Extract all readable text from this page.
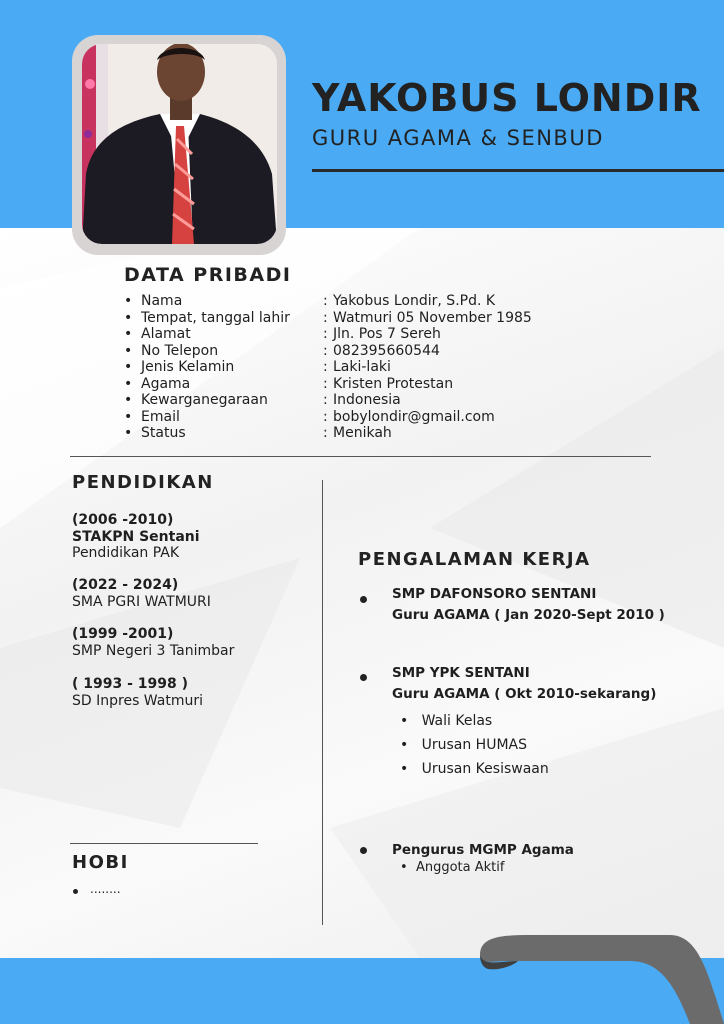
YAKOBUS LONDIR
GURU AGAMA & SENBUD
DATA PRIBADI
• Nama	: Yakobus Londir, S.Pd. K
• Tempat, tanggal lahir	: Watmuri 05 November 1985
• Alamat	: Jln. Pos 7 Sereh
• No Telepon	: 082395660544
• Jenis Kelamin	: Laki-laki
• Agama	: Kristen Protestan
• Kewarganegaraan	: Indonesia
• Email	: bobylondir@gmail.com
• Status	: Menikah
PENDIDIKAN
(2006 -2010)
STAKPN Sentani
Pendidikan PAK
(2022 - 2024)
SMA PGRI WATMURI
(1999 -2001)
SMP Negeri 3 Tanimbar
( 1993 - 1998 )
SD Inpres Watmuri
HOBI
........
PENGALAMAN KERJA
SMP DAFONSORO SENTANI
Guru AGAMA ( Jan 2020-Sept 2010 )
SMP YPK SENTANI
Guru AGAMA ( Okt 2010-sekarang)
•   Wali Kelas
•   Urusan HUMAS
•   Urusan Kesiswaan
Pengurus MGMP Agama
•  Anggota Aktif
